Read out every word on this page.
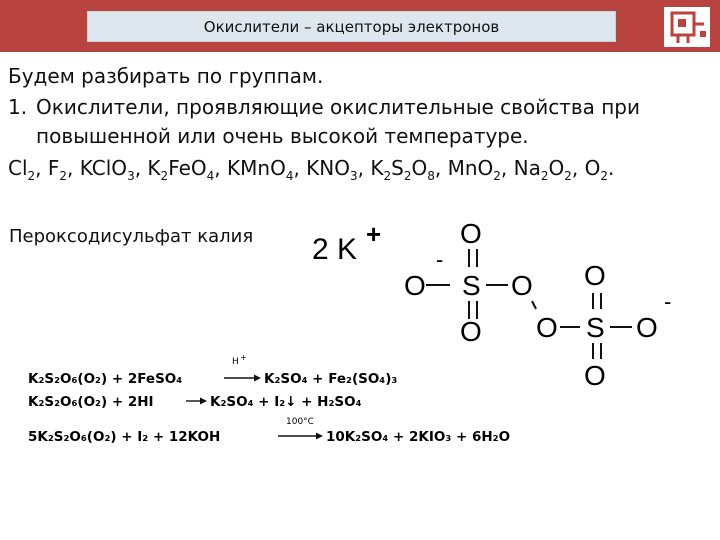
Окислители – акцепторы электронов
Будем разбирать по группам.
1. Окислители, проявляющие окислительные свойства при
повышенной или очень высокой температуре.
$Cl_2$, $F_2$, KClO$_3$, $K_2FeO_4$, KMnO$_4$, $KNO_3$, $K_2S_2O_8$, MnO$_2$, $Na_2O_2$, $O_2$.
Пероксодисульфат калия 2 K +	O
O
-
S O
O
O
O S O
-
O
K₂S₂O₆(O₂) + 2FeSO₄
H +
K₂SO₄ + Fe₂(SO₄)₃
K₂S₂O₆(O₂) + 2HI	K₂SO₄ + I₂↓ + H₂SO₄
100°C
5K₂S₂O₆(O₂) + I₂ + 12KOH	10K₂SO₄ + 2KIO₃ + 6H₂O
